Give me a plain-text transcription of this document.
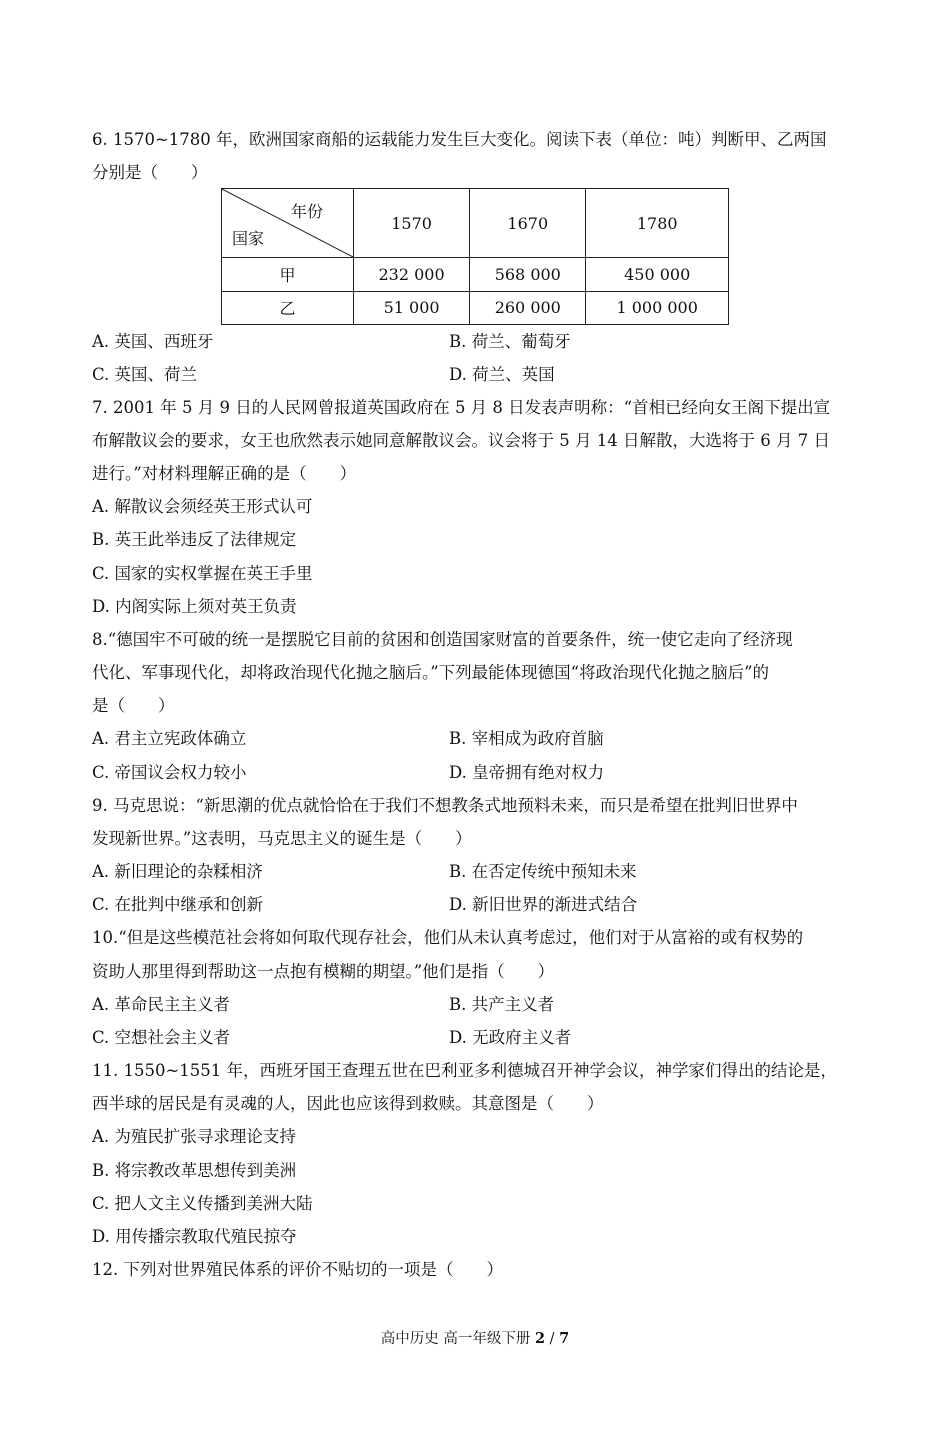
6. 1570~1780 年，欧洲国家商船的运载能力发生巨大变化。阅读下表（单位：吨）判断甲、乙两国
分别是（　　）
年份
国家	1570	1670	1780
甲	232 000	568 000	450 000
乙	51 000	260 000	1 000 000
A. 英国、西班牙	B. 荷兰、葡萄牙
C. 英国、荷兰	D. 荷兰、英国
7. 2001 年 5 月 9 日的人民网曾报道英国政府在 5 月 8 日发表声明称：“首相已经向女王阁下提出宣
布解散议会的要求，女王也欣然表示她同意解散议会。议会将于 5 月 14 日解散，大选将于 6 月 7 日
进行。”对材料理解正确的是（　　）
A. 解散议会须经英王形式认可
B. 英王此举违反了法律规定
C. 国家的实权掌握在英王手里
D. 内阁实际上须对英王负责
8.“德国牢不可破的统一是摆脱它目前的贫困和创造国家财富的首要条件，统一使它走向了经济现
代化、军事现代化，却将政治现代化抛之脑后。”下列最能体现德国“将政治现代化抛之脑后”的
是（　　）
A. 君主立宪政体确立	B. 宰相成为政府首脑
C. 帝国议会权力较小	D. 皇帝拥有绝对权力
9. 马克思说：“新思潮的优点就恰恰在于我们不想教条式地预料未来，而只是希望在批判旧世界中
发现新世界。”这表明，马克思主义的诞生是（　　）
A. 新旧理论的杂糅相济	B. 在否定传统中预知未来
C. 在批判中继承和创新	D. 新旧世界的渐进式结合
10.“但是这些模范社会将如何取代现存社会，他们从未认真考虑过，他们对于从富裕的或有权势的
资助人那里得到帮助这一点抱有模糊的期望。”他们是指（　　）
A. 革命民主主义者	B. 共产主义者
C. 空想社会主义者	D. 无政府主义者
11. 1550~1551 年，西班牙国王查理五世在巴利亚多利德城召开神学会议，神学家们得出的结论是，
西半球的居民是有灵魂的人，因此也应该得到救赎。其意图是（　　）
A. 为殖民扩张寻求理论支持
B. 将宗教改革思想传到美洲
C. 把人文主义传播到美洲大陆
D. 用传播宗教取代殖民掠夺
12. 下列对世界殖民体系的评价不贴切的一项是（　　）
高中历史 高一年级下册 2 / 7
